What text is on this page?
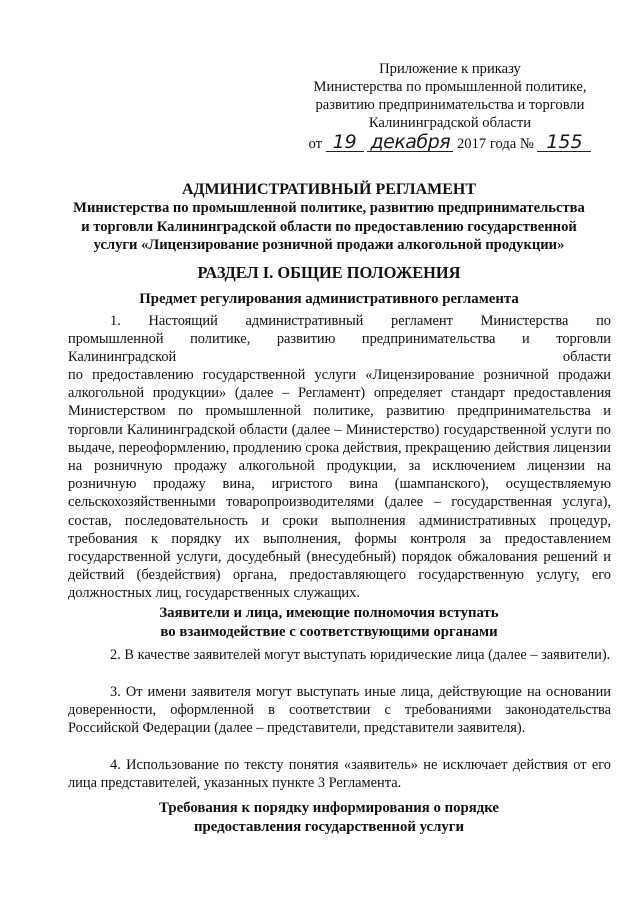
Приложение к приказу
Министерства по промышленной политике,
развитию предпринимательства и торговли
Калининградской области
от 19 декабря 2017 года № 155
АДМИНИСТРАТИВНЫЙ РЕГЛАМЕНТ
Министерства по промышленной политике, развитию предпринимательства
и торговли Калининградской области по предоставлению государственной
услуги «Лицензирование розничной продажи алкогольной продукции»
РАЗДЕЛ I. ОБЩИЕ ПОЛОЖЕНИЯ
Предмет регулирования административного регламента
1. Настоящий административный регламент Министерства по
промышленной политике, развитию предпринимательства и торговли
Калининградской	области
по предоставлению государственной услуги «Лицензирование розничной продажи алкогольной продукции» (далее – Регламент) определяет стандарт предоставления Министерством по промышленной политике, развитию предпринимательства и торговли Калининградской области (далее – Министерство) государственной услуги по выдаче, переоформлению, продлению срока действия, прекращению действия лицензии на розничную продажу алкогольной продукции, за исключением лицензии на розничную продажу вина, игристого вина (шампанского), осуществляемую сельскохозяйственными товаропроизводителями (далее – государственная услуга), состав, последовательность и сроки выполнения административных процедур, требования к порядку их выполнения, формы контроля за предоставлением государственной услуги, досудебный (внесудебный) порядок обжалования решений и действий (бездействия) органа, предоставляющего государственную услугу, его должностных лиц, государственных служащих.
Заявители и лица, имеющие полномочия вступать
во взаимодействие с соответствующими органами
2. В качестве заявителей могут выступать юридические лица (далее – заявители).
3. От имени заявителя могут выступать иные лица, действующие на основании доверенности, оформленной в соответствии с требованиями законодательства Российской Федерации (далее – представители, представители заявителя).
4. Использование по тексту понятия «заявитель» не исключает действия от его лица представителей, указанных пункте 3 Регламента.
Требования к порядку информирования о порядке
предоставления государственной услуги
